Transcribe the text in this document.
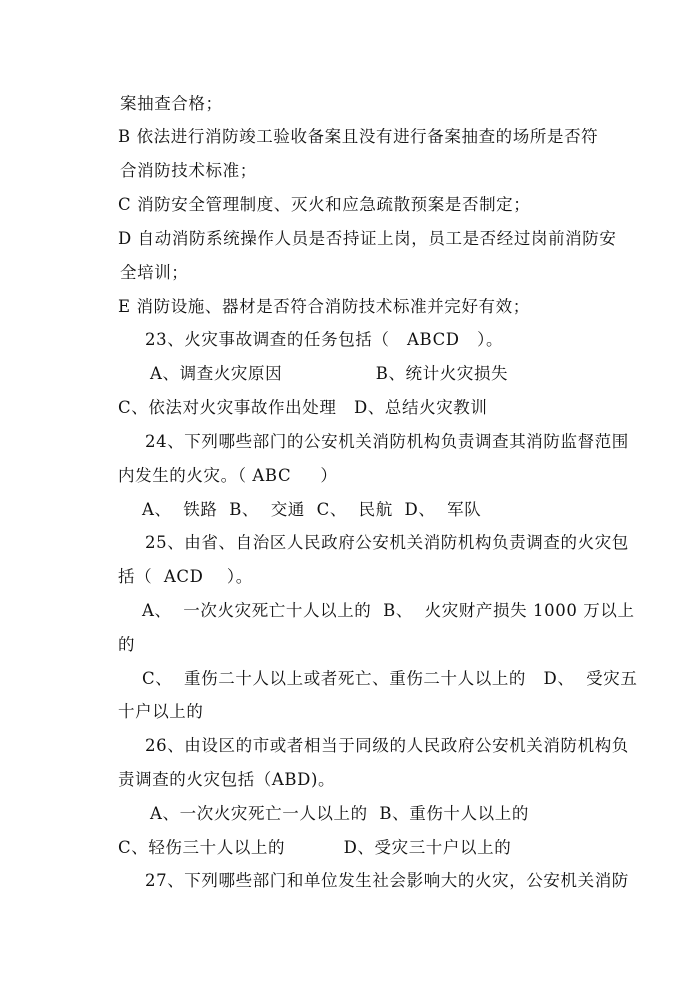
案抽查合格；
B 依法进行消防竣工验收备案且没有进行备案抽查的场所是否符
合消防技术标准；
C 消防安全管理制度、灭火和应急疏散预案是否制定；
D 自动消防系统操作人员是否持证上岗，员工是否经过岗前消防安
全培训；
E 消防设施、器材是否符合消防技术标准并完好有效；
23、火灾事故调查的任务包括（   ABCD   ）。
A、调查火灾原因                B、统计火灾损失
C、依法对火灾事故作出处理   D、总结火灾教训
24、下列哪些部门的公安机关消防机构负责调查其消防监督范围
内发生的火灾。（ ABC     ）
A、  铁路  B、  交通  C、  民航  D、  军队
25、由省、自治区人民政府公安机关消防机构负责调查的火灾包
括（  ACD    ）。
A、  一次火灾死亡十人以上的  B、  火灾财产损失 1000 万以上
的
C、  重伤二十人以上或者死亡、重伤二十人以上的   D、  受灾五
十户以上的
26、由设区的市或者相当于同级的人民政府公安机关消防机构负
责调查的火灾包括（ABD)。
A、一次火灾死亡一人以上的  B、重伤十人以上的
C、轻伤三十人以上的          D、受灾三十户以上的
27、下列哪些部门和单位发生社会影响大的火灾，公安机关消防
